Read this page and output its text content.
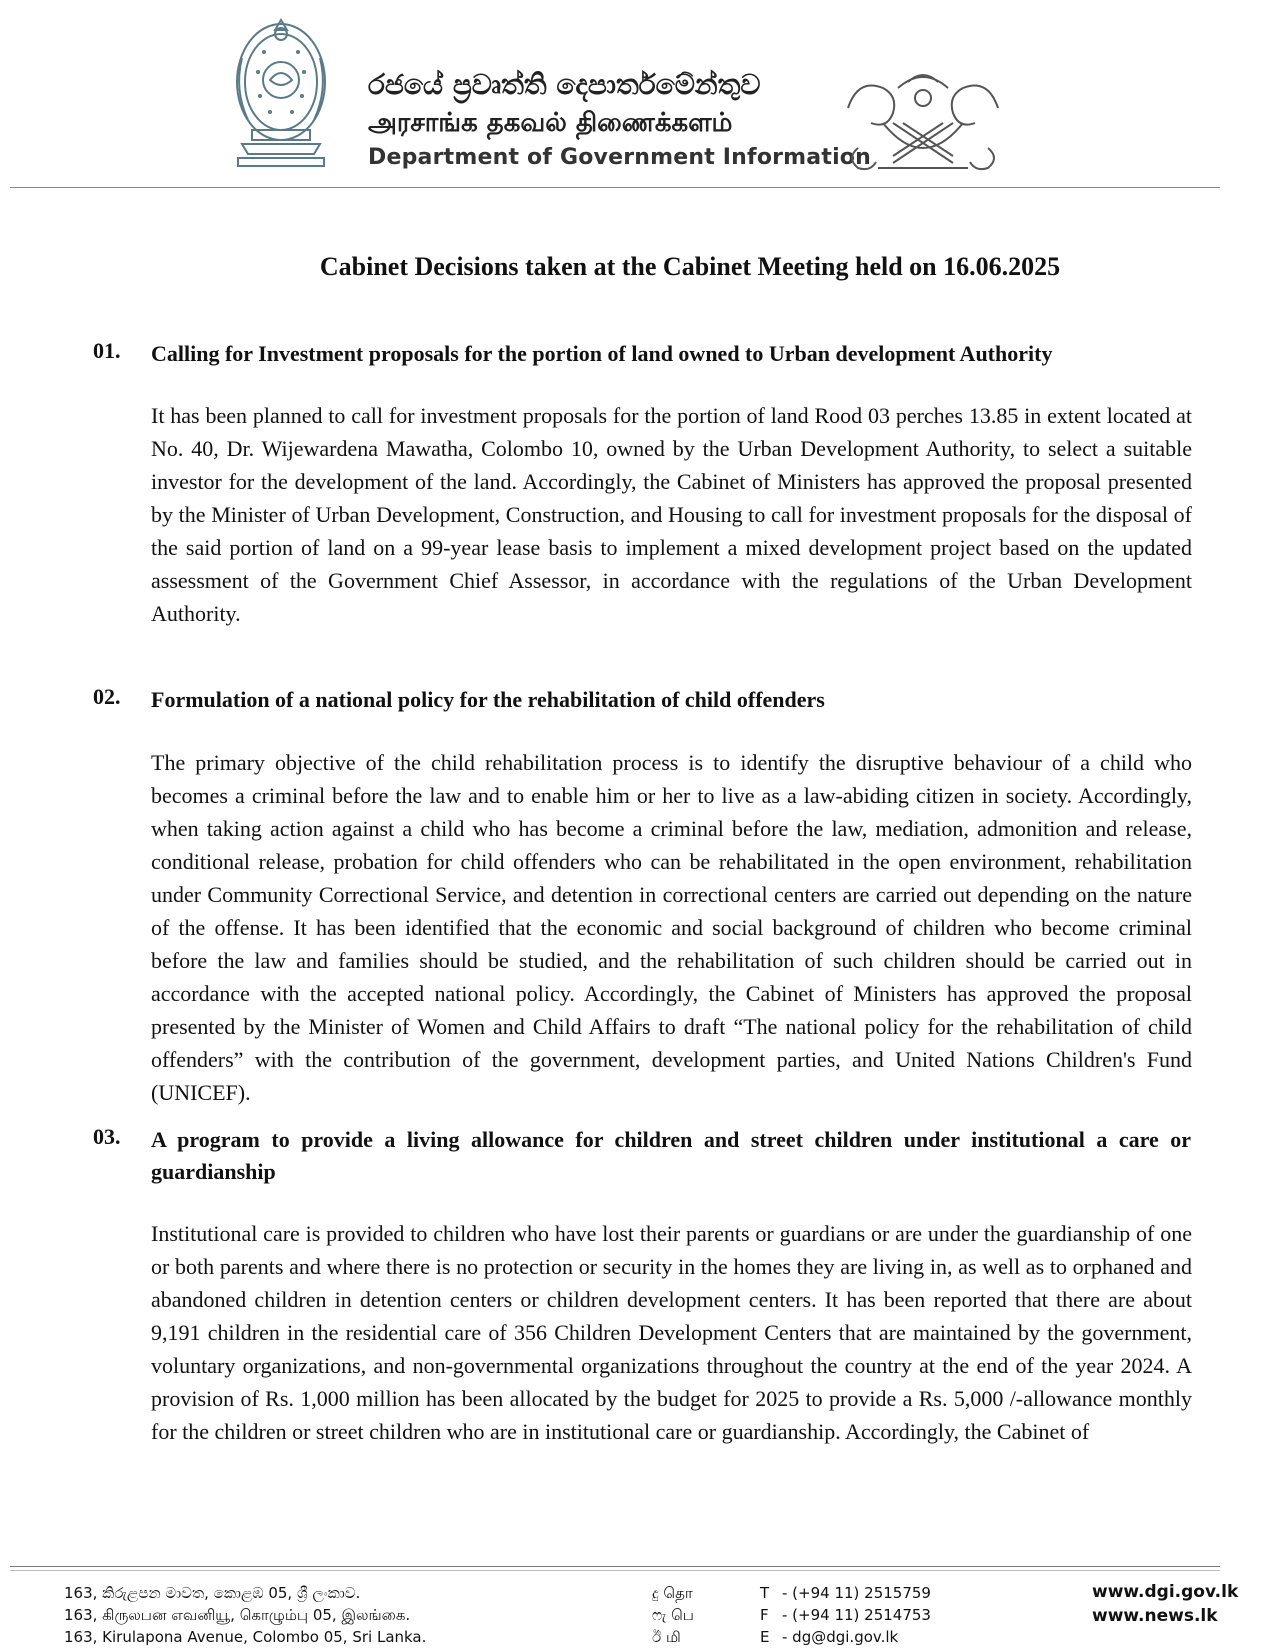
රජයේ ප්‍රවෘත්ති දෙපාර්තමේන්තුව
அரசாங்க தகவல் திணைக்களம்
Department of Government Information
Cabinet Decisions taken at the Cabinet Meeting held on 16.06.2025
01. Calling for Investment proposals for the portion of land owned to Urban development Authority
It has been planned to call for investment proposals for the portion of land Rood 03 perches 13.85 in extent located at No. 40, Dr. Wijewardena Mawatha, Colombo 10, owned by the Urban Development Authority, to select a suitable investor for the development of the land. Accordingly, the Cabinet of Ministers has approved the proposal presented by the Minister of Urban Development, Construction, and Housing to call for investment proposals for the disposal of the said portion of land on a 99-year lease basis to implement a mixed development project based on the updated assessment of the Government Chief Assessor, in accordance with the regulations of the Urban Development Authority.
02. Formulation of a national policy for the rehabilitation of child offenders
The primary objective of the child rehabilitation process is to identify the disruptive behaviour of a child who becomes a criminal before the law and to enable him or her to live as a law-abiding citizen in society. Accordingly, when taking action against a child who has become a criminal before the law, mediation, admonition and release, conditional release, probation for child offenders who can be rehabilitated in the open environment, rehabilitation under Community Correctional Service, and detention in correctional centers are carried out depending on the nature of the offense. It has been identified that the economic and social background of children who become criminal before the law and families should be studied, and the rehabilitation of such children should be carried out in accordance with the accepted national policy. Accordingly, the Cabinet of Ministers has approved the proposal presented by the Minister of Women and Child Affairs to draft “The national policy for the rehabilitation of child offenders” with the contribution of the government, development parties, and United Nations Children's Fund (UNICEF).
03. A program to provide a living allowance for children and street children under institutional a care or guardianship
Institutional care is provided to children who have lost their parents or guardians or are under the guardianship of one or both parents and where there is no protection or security in the homes they are living in, as well as to orphaned and abandoned children in detention centers or children development centers. It has been reported that there are about 9,191 children in the residential care of 356 Children Development Centers that are maintained by the government, voluntary organizations, and non-governmental organizations throughout the country at the end of the year 2024. A provision of Rs. 1,000 million has been allocated by the budget for 2025 to provide a Rs. 5,000 /-allowance monthly for the children or street children who are in institutional care or guardianship. Accordingly, the Cabinet of
163, කිරුළපන මාවත, කොළඹ 05, ශ්‍රී ලංකාව.
163, கிருலபன எவனியூ, கொழும்பு 05, இலங்கை.
163, Kirulapona Avenue, Colombo 05, Sri Lanka.
දු தொ	T - (+94 11) 2515759
ෆැ பெ	F - (+94 11) 2514753
ඊ மி	E - dg@dgi.gov.lk
www.dgi.gov.lk
www.news.lk
